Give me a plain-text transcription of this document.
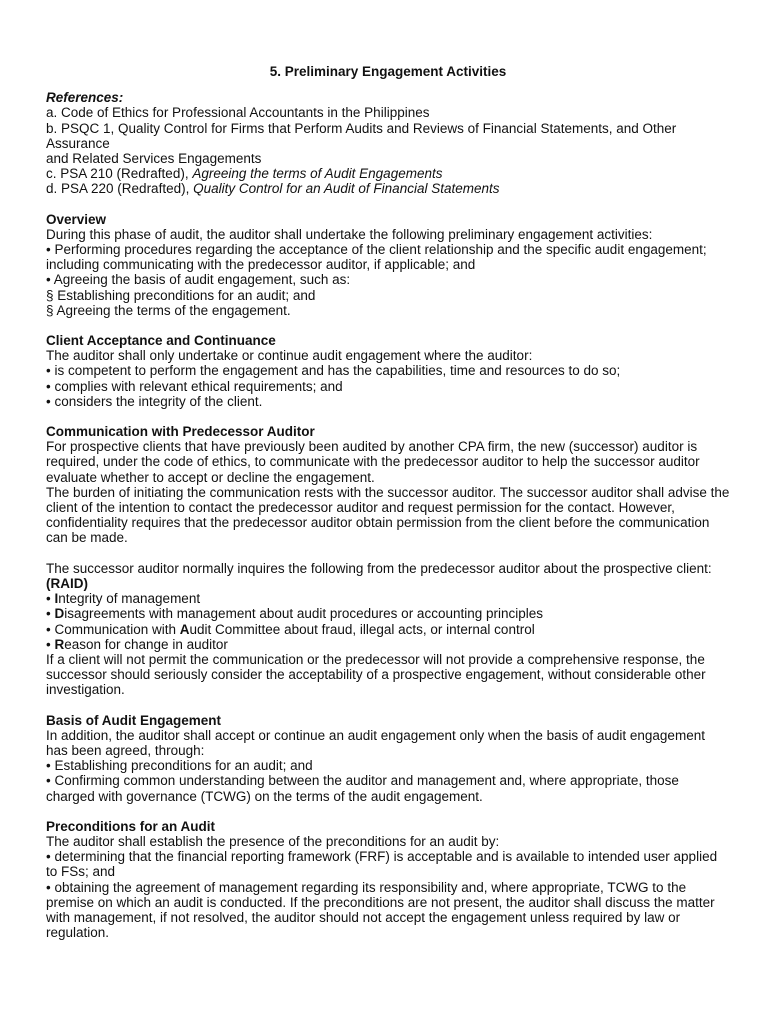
5. Preliminary Engagement Activities

References:

a. Code of Ethics for Professional Accountants in the Philippines

b. PSQC 1, Quality Control for Firms that Perform Audits and Reviews of Financial Statements, and Other Assurance

and Related Services Engagements

c. PSA 210 (Redrafted), Agreeing the terms of Audit Engagements

d. PSA 220 (Redrafted), Quality Control for an Audit of Financial Statements

Overview

During this phase of audit, the auditor shall undertake the following preliminary engagement activities:

• Performing procedures regarding the acceptance of the client relationship and the specific audit engagement; including communicating with the predecessor auditor, if applicable; and

• Agreeing the basis of audit engagement, such as:

§ Establishing preconditions for an audit; and

§ Agreeing the terms of the engagement.

Client Acceptance and Continuance

The auditor shall only undertake or continue audit engagement where the auditor:

• is competent to perform the engagement and has the capabilities, time and resources to do so;

• complies with relevant ethical requirements; and

• considers the integrity of the client.

Communication with Predecessor Auditor

For prospective clients that have previously been audited by another CPA firm, the new (successor) auditor is required, under the code of ethics, to communicate with the predecessor auditor to help the successor auditor evaluate whether to accept or decline the engagement.

The burden of initiating the communication rests with the successor auditor. The successor auditor shall advise the client of the intention to contact the predecessor auditor and request permission for the contact. However, confidentiality requires that the predecessor auditor obtain permission from the client before the communication can be made.

The successor auditor normally inquires the following from the predecessor auditor about the prospective client:

(RAID)

• Integrity of management

• Disagreements with management about audit procedures or accounting principles

• Communication with Audit Committee about fraud, illegal acts, or internal control

• Reason for change in auditor

If a client will not permit the communication or the predecessor will not provide a comprehensive response, the successor should seriously consider the acceptability of a prospective engagement, without considerable other investigation.

Basis of Audit Engagement

In addition, the auditor shall accept or continue an audit engagement only when the basis of audit engagement has been agreed, through:

• Establishing preconditions for an audit; and

• Confirming common understanding between the auditor and management and, where appropriate, those charged with governance (TCWG) on the terms of the audit engagement.

Preconditions for an Audit

The auditor shall establish the presence of the preconditions for an audit by:

• determining that the financial reporting framework (FRF) is acceptable and is available to intended user applied to FSs; and

• obtaining the agreement of management regarding its responsibility and, where appropriate, TCWG to the premise on which an audit is conducted. If the preconditions are not present, the auditor shall discuss the matter with management, if not resolved, the auditor should not accept the engagement unless required by law or regulation.
